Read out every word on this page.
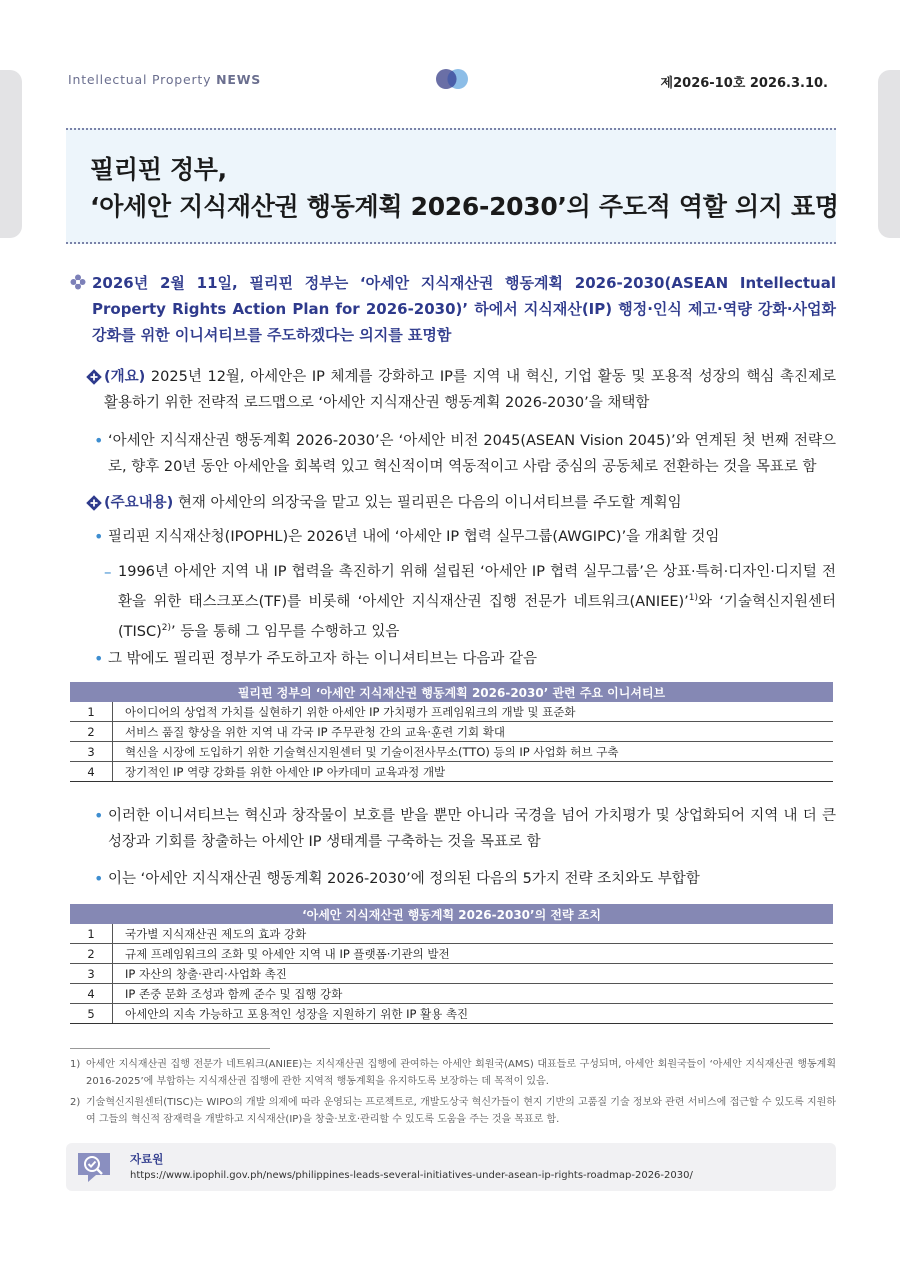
Intellectual Property NEWS	제2026-10호 2026.3.10.
필리핀 정부,
‘아세안 지식재산권 행동계획 2026-2030’의 주도적 역할 의지 표명

2026년 2월 11일, 필리핀 정부는 ‘아세안 지식재산권 행동계획 2026-2030(ASEAN Intellectual Property Rights Action Plan for 2026-2030)’ 하에서 지식재산(IP) 행정·인식 제고·역량 강화·사업화 강화를 위한 이니셔티브를 주도하겠다는 의지를 표명함

(개요) 2025년 12월, 아세안은 IP 체계를 강화하고 IP를 지역 내 혁신, 기업 활동 및 포용적 성장의 핵심 촉진제로 활용하기 위한 전략적 로드맵으로 ‘아세안 지식재산권 행동계획 2026-2030’을 채택함

• ‘아세안 지식재산권 행동계획 2026-2030’은 ‘아세안 비전 2045(ASEAN Vision 2045)’와 연계된 첫 번째 전략으로, 향후 20년 동안 아세안을 회복력 있고 혁신적이며 역동적이고 사람 중심의 공동체로 전환하는 것을 목표로 함

(주요내용) 현재 아세안의 의장국을 맡고 있는 필리핀은 다음의 이니셔티브를 주도할 계획임

• 필리핀 지식재산청(IPOPHL)은 2026년 내에 ‘아세안 IP 협력 실무그룹(AWGIPC)’을 개최할 것임

– 1996년 아세안 지역 내 IP 협력을 촉진하기 위해 설립된 ‘아세안 IP 협력 실무그룹’은 상표·특허·디자인·디지털 전환을 위한 태스크포스(TF)를 비롯해 ‘아세안 지식재산권 집행 전문가 네트워크(ANIEE)’$^{1)}$와 ‘기술혁신지원센터(TISC)$^{2)}$’ 등을 통해 그 임무를 수행하고 있음

• 그 밖에도 필리핀 정부가 주도하고자 하는 이니셔티브는 다음과 같음

필리핀 정부의 ‘아세안 지식재산권 행동계획 2026-2030’ 관련 주요 이니셔티브	
1	아이디어의 상업적 가치를 실현하기 위한 아세안 IP 가치평가 프레임워크의 개발 및 표준화
2	서비스 품질 향상을 위한 지역 내 각국 IP 주무관청 간의 교육·훈련 기회 확대
3	혁신을 시장에 도입하기 위한 기술혁신지원센터 및 기술이전사무소(TTO) 등의 IP 사업화 허브 구축
4	장기적인 IP 역량 강화를 위한 아세안 IP 아카데미 교육과정 개발
• 이러한 이니셔티브는 혁신과 창작물이 보호를 받을 뿐만 아니라 국경을 넘어 가치평가 및 상업화되어 지역 내 더 큰 성장과 기회를 창출하는 아세안 IP 생태계를 구축하는 것을 목표로 함

• 이는 ‘아세안 지식재산권 행동계획 2026-2030’에 정의된 다음의 5가지 전략 조치와도 부합함

‘아세안 지식재산권 행동계획 2026-2030’의 전략 조치	
1	국가별 지식재산권 제도의 효과 강화
2	규제 프레임워크의 조화 및 아세안 지역 내 IP 플랫폼·기관의 발전
3	IP 자산의 창출·관리·사업화 촉진
4	IP 존중 문화 조성과 함께 준수 및 집행 강화
5	아세안의 지속 가능하고 포용적인 성장을 지원하기 위한 IP 활용 촉진
1) 아세안 지식재산권 집행 전문가 네트워크(ANIEE)는 지식재산권 집행에 관여하는 아세안 회원국(AMS) 대표들로 구성되며, 아세안 회원국들이 ‘아세안 지식재산권 행동계획 2016-2025’에 부합하는 지식재산권 집행에 관한 지역적 행동계획을 유지하도록 보장하는 데 목적이 있음.

2) 기술혁신지원센터(TISC)는 WIPO의 개발 의제에 따라 운영되는 프로젝트로, 개발도상국 혁신가들이 현지 기반의 고품질 기술 정보와 관련 서비스에 접근할 수 있도록 지원하여 그들의 혁신적 잠재력을 개발하고 지식재산(IP)을 창출·보호·관리할 수 있도록 도움을 주는 것을 목표로 함.

자료원
https://www.ipophil.gov.ph/news/philippines-leads-several-initiatives-under-asean-ip-rights-roadmap-2026-2030/
